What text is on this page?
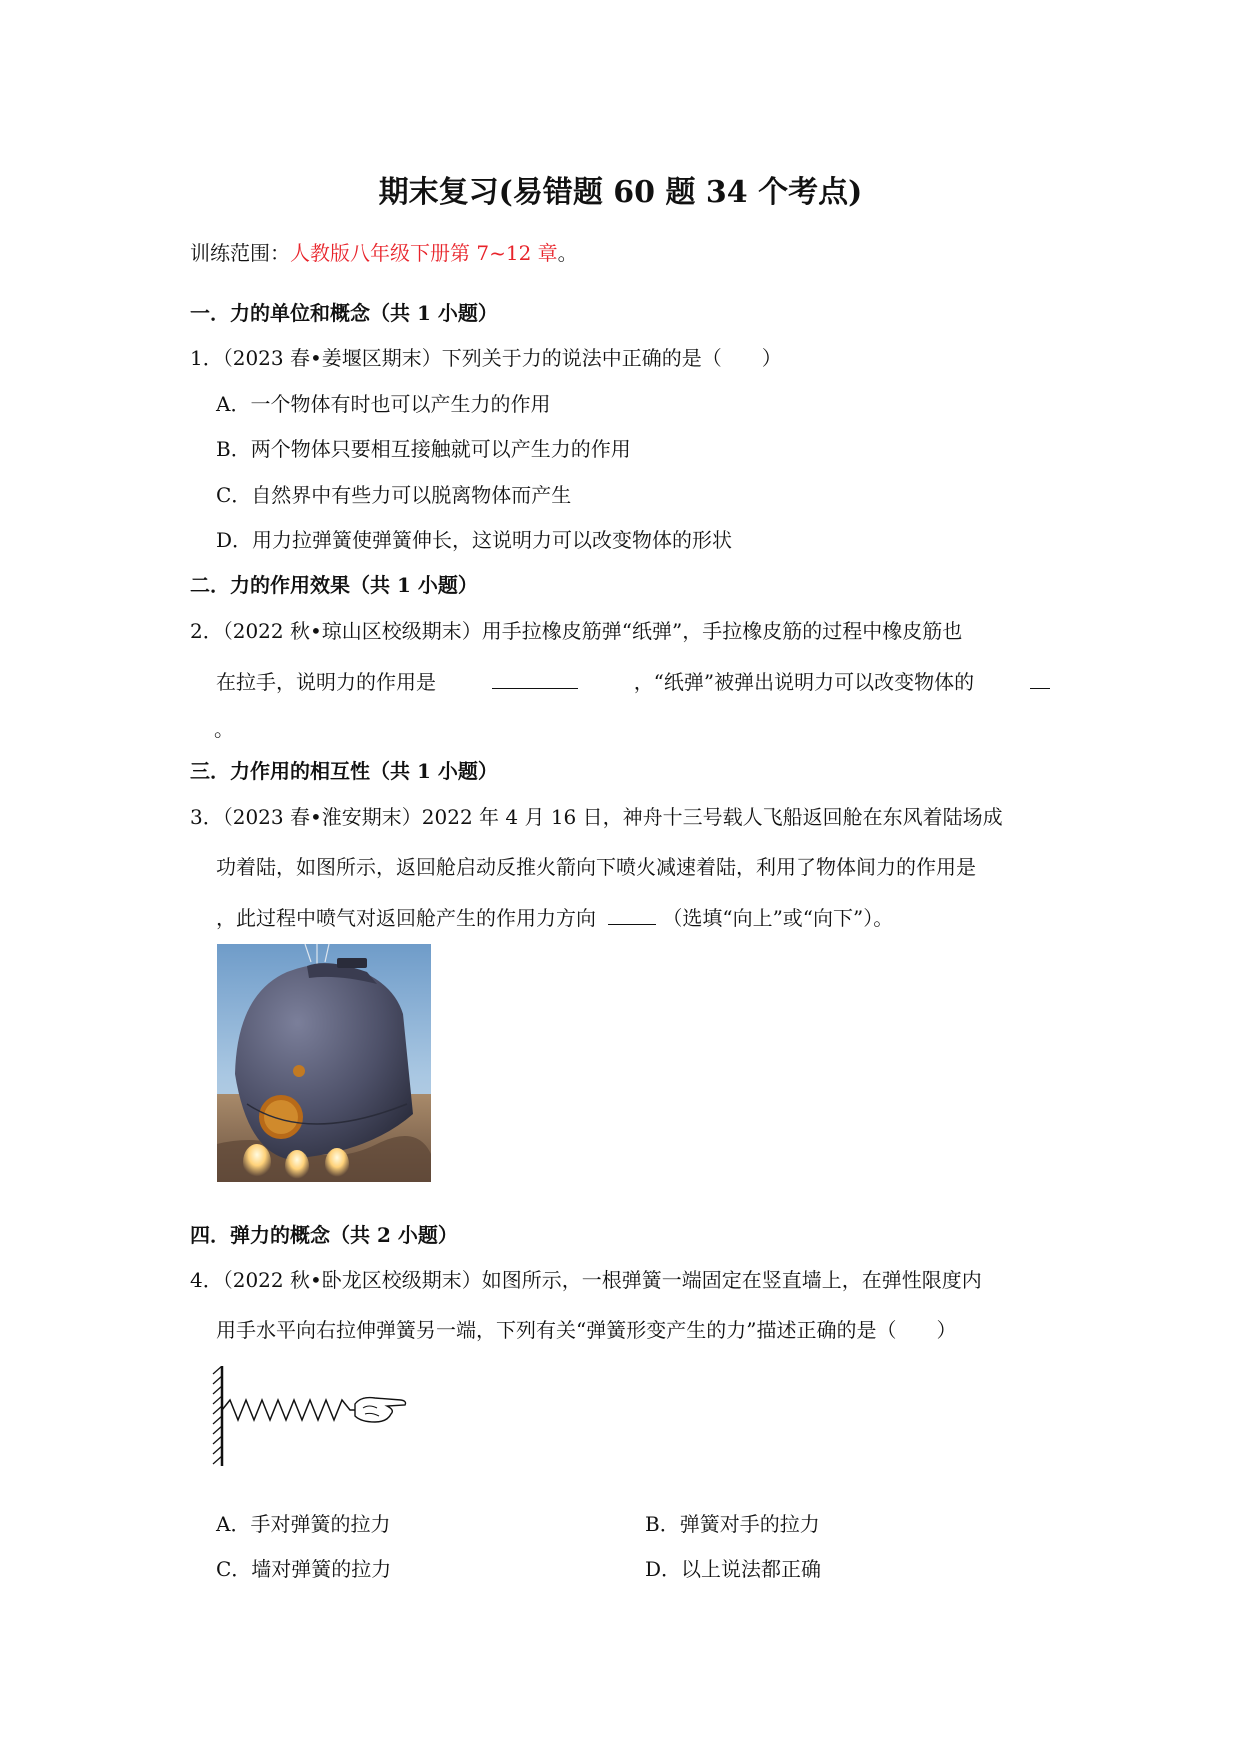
期末复习(易错题 60 题 34 个考点)
训练范围：人教版八年级下册第 7~12 章。
一．力的单位和概念（共 1 小题）
1．（2023 春•姜堰区期末）下列关于力的说法中正确的是（　　）
A．一个物体有时也可以产生力的作用
B．两个物体只要相互接触就可以产生力的作用
C．自然界中有些力可以脱离物体而产生
D．用力拉弹簧使弹簧伸长，这说明力可以改变物体的形状
二．力的作用效果（共 1 小题）
2．（2022 秋•琼山区校级期末）用手拉橡皮筋弹“纸弹”，手拉橡皮筋的过程中橡皮筋也
在拉手，说明力的作用是	，“纸弹”被弹出说明力可以改变物体的
。
三．力作用的相互性（共 1 小题）
3．（2023 春•淮安期末）2022 年 4 月 16 日，神舟十三号载人飞船返回舱在东风着陆场成
功着陆，如图所示，返回舱启动反推火箭向下喷火减速着陆，利用了物体间力的作用是
，此过程中喷气对返回舱产生的作用力方向	（选填“向上”或“向下”）。
四．弹力的概念（共 2 小题）
4．（2022 秋•卧龙区校级期末）如图所示，一根弹簧一端固定在竖直墙上，在弹性限度内
用手水平向右拉伸弹簧另一端，下列有关“弹簧形变产生的力”描述正确的是（　　）
A．手对弹簧的拉力	B．弹簧对手的拉力
C．墙对弹簧的拉力	D．以上说法都正确
